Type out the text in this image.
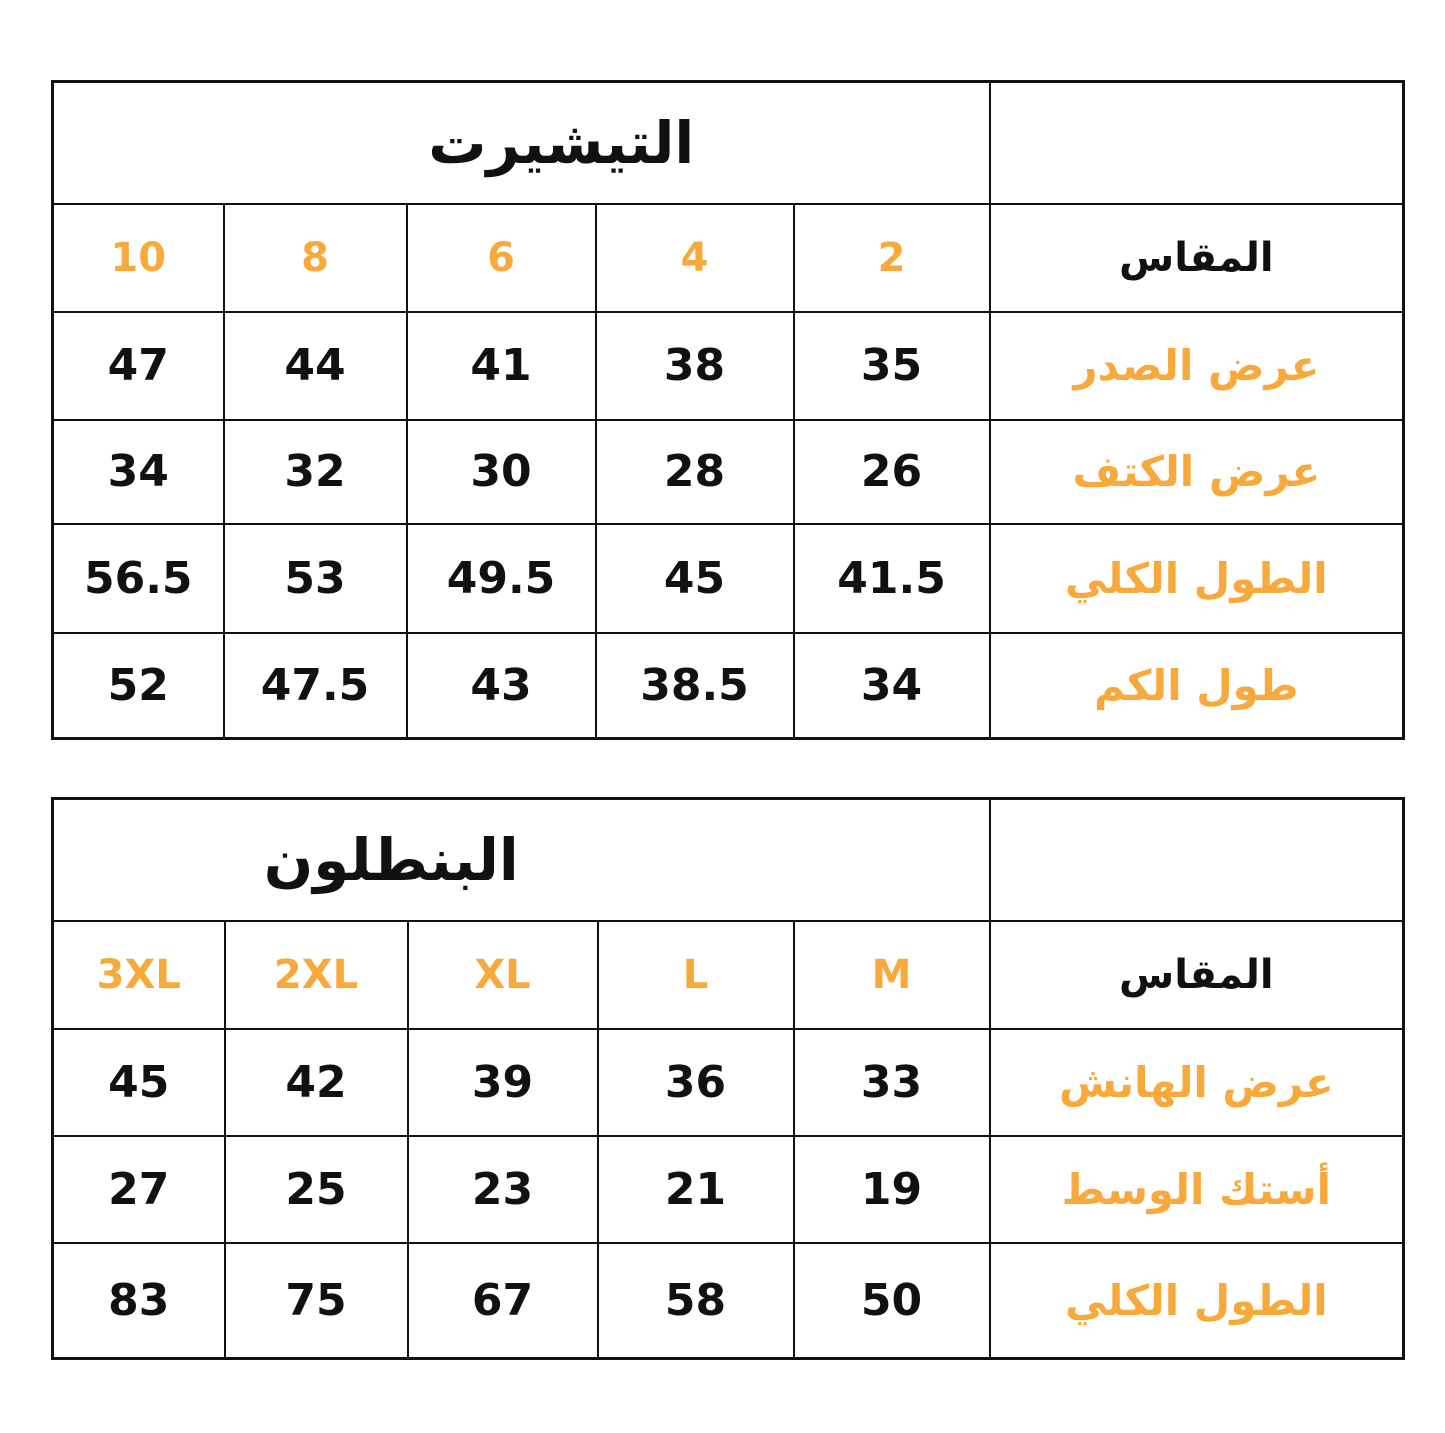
التيشيرت					
10	8	6	4	2	المقاس
47	44	41	38	35	عرض الصدر
34	32	30	28	26	عرض الكتف
56.5	53	49.5	45	41.5	الطول الكلي
52	47.5	43	38.5	34	طول الكم
البنطلون					
3XL	2XL	XL	L	M	المقاس
45	42	39	36	33	عرض الهانش
27	25	23	21	19	أستك الوسط
83	75	67	58	50	الطول الكلي
